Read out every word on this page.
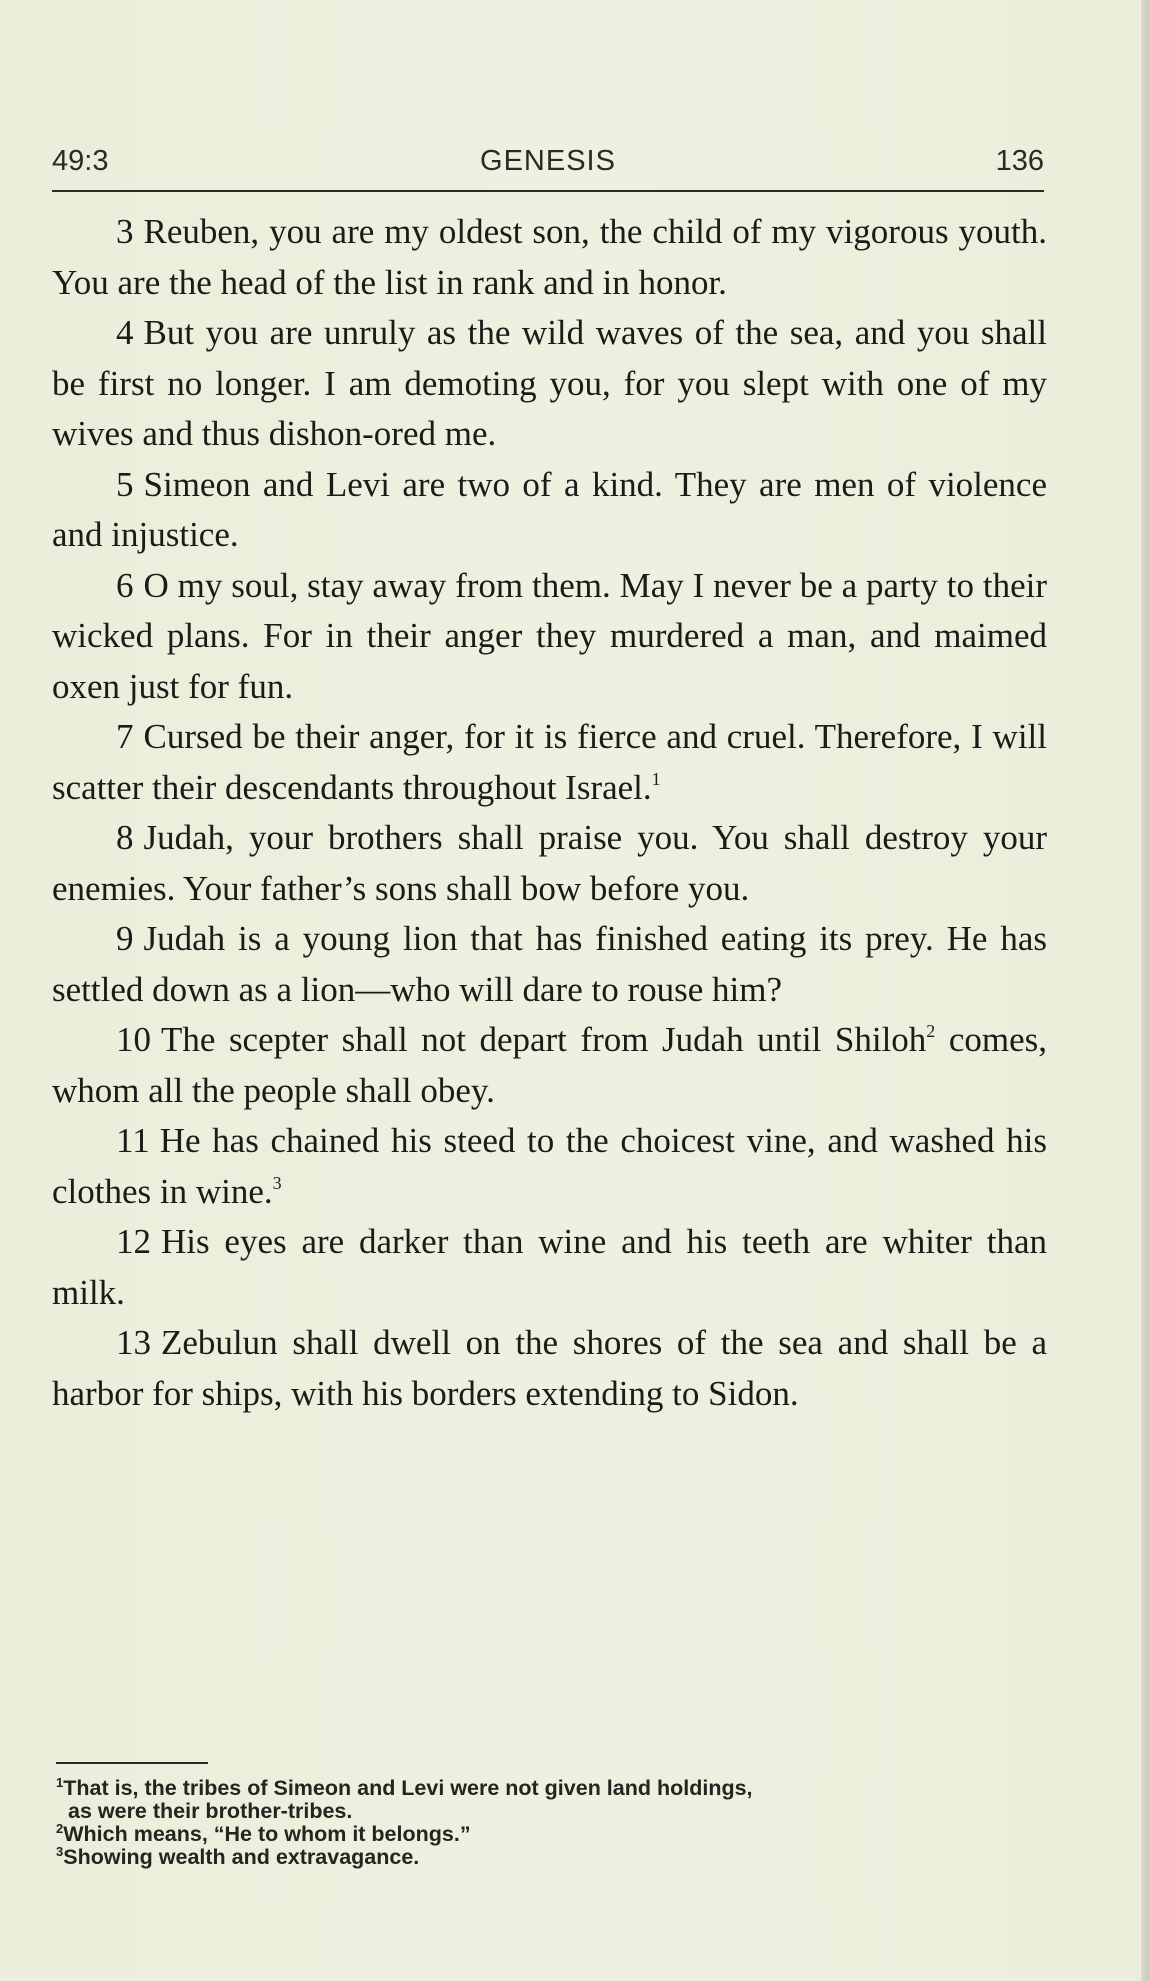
49:3	GENESIS	136

3 Reuben, you are my oldest son, the child of my vigorous youth. You are the head of the list in rank and in honor.

4 But you are unruly as the wild waves of the sea, and you shall be first no longer. I am demoting you, for you slept with one of my wives and thus dishon-ored me.

5 Simeon and Levi are two of a kind. They are men of violence and injustice.

6 O my soul, stay away from them. May I never be a party to their wicked plans. For in their anger they murdered a man, and maimed oxen just for fun.

7 Cursed be their anger, for it is fierce and cruel. Therefore, I will scatter their descendants throughout Israel.$^1$

8 Judah, your brothers shall praise you. You shall destroy your enemies. Your father’s sons shall bow before you.

9 Judah is a young lion that has finished eating its prey. He has settled down as a lion—who will dare to rouse him?

10 The scepter shall not depart from Judah until Shiloh$^2$ comes, whom all the people shall obey.

11 He has chained his steed to the choicest vine, and washed his clothes in wine.$^3$

12 His eyes are darker than wine and his teeth are whiter than milk.

13 Zebulun shall dwell on the shores of the sea and shall be a harbor for ships, with his borders extending to Sidon.

$^1$That is, the tribes of Simeon and Levi were not given land holdings,

as were their brother-tribes.

$^2$Which means, “He to whom it belongs.”

$^3$Showing wealth and extravagance.
